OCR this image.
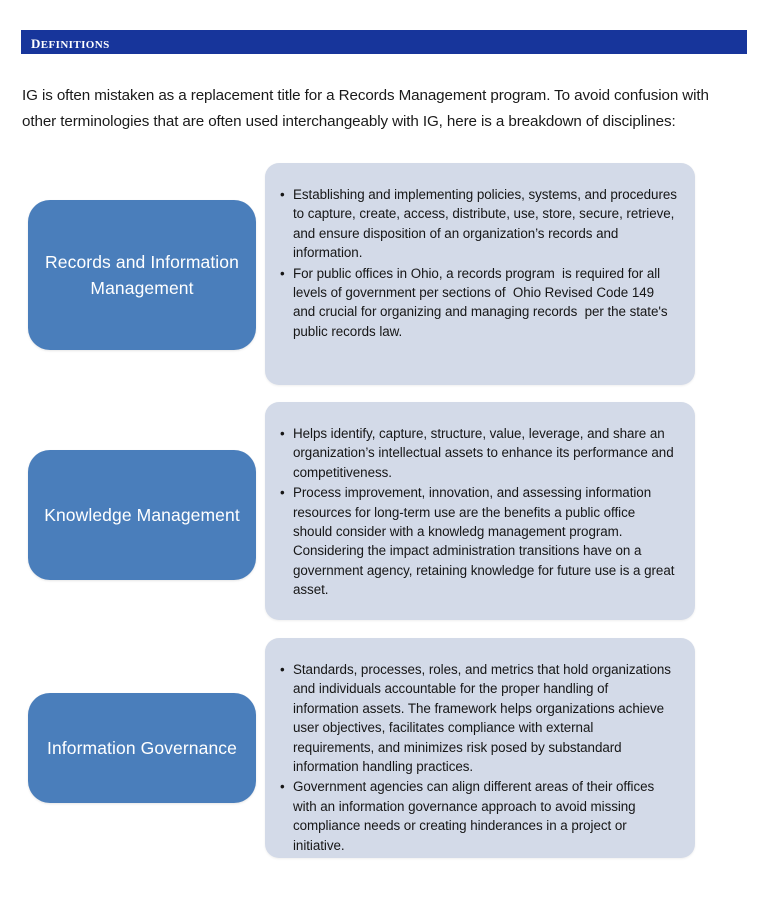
definitions

IG is often mistaken as a replacement title for a Records Management program. To avoid confusion with other terminologies that are often used interchangeably with IG, here is a breakdown of disciplines:

• Establishing and implementing policies, systems, and procedures to capture, create, access, distribute, use, store, secure, retrieve, and ensure disposition of an organization’s records and information.
• For public offices in Ohio, a records program  is required for all levels of government per sections of  Ohio Revised Code 149 and crucial for organizing and managing records  per the state's public records law.
Records and Information Management
• Helps identify, capture, structure, value, leverage, and share an organization’s intellectual assets to enhance its performance and competitiveness.
• Process improvement, innovation, and assessing information resources for long-term use are the benefits a public office should consider with a knowledg management program. Considering the impact administration transitions have on a government agency, retaining knowledge for future use is a great asset.
Knowledge Management
• Standards, processes, roles, and metrics that hold organizations and individuals accountable for the proper handling of information assets. The framework helps organizations achieve user objectives, facilitates compliance with external requirements, and minimizes risk posed by substandard information handling practices.
• Government agencies can align different areas of their offices with an information governance approach to avoid missing compliance needs or creating hinderances in a project or initiative.
Information Governance
